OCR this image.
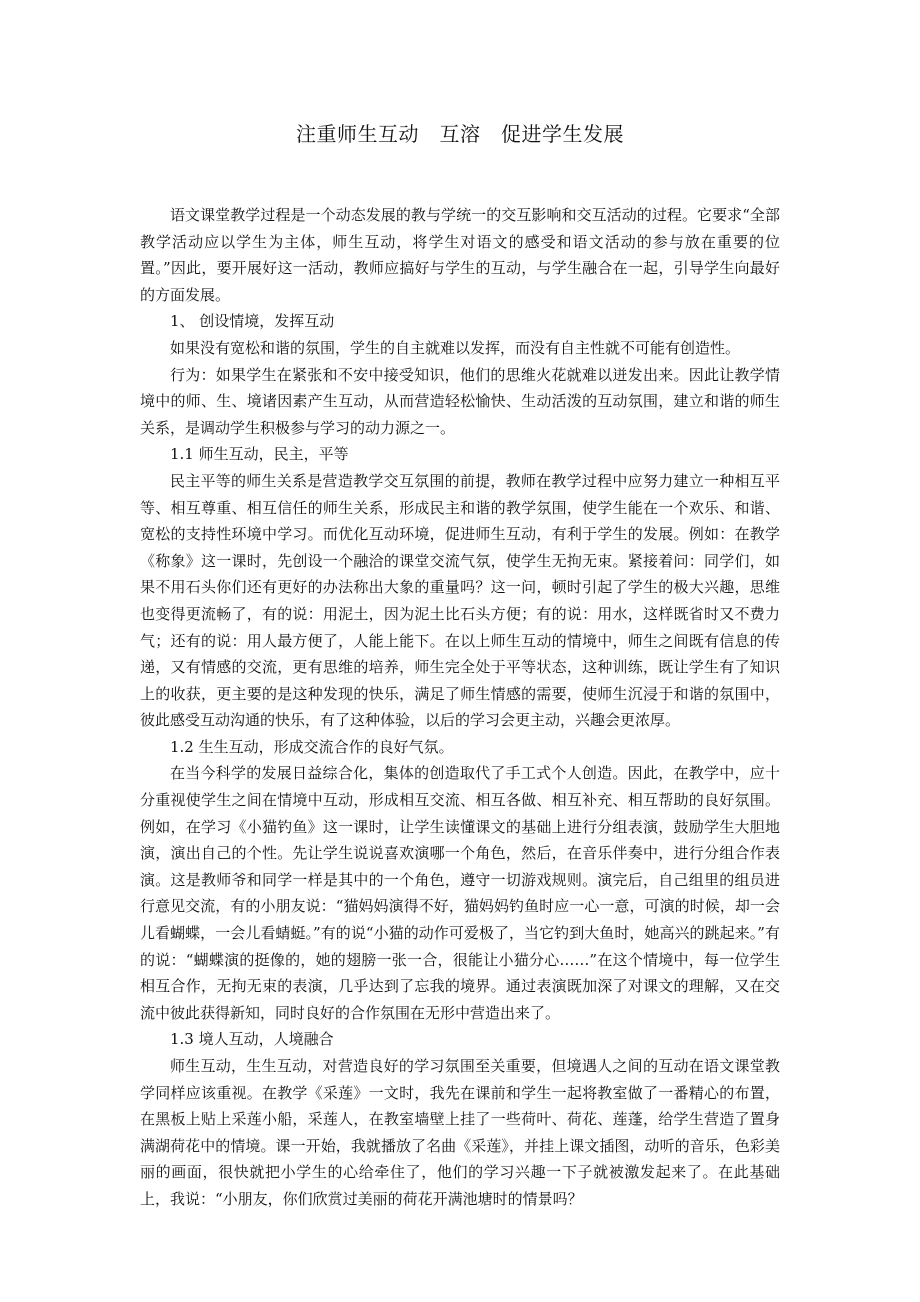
注重师生互动　互溶　促进学生发展

语文课堂教学过程是一个动态发展的教与学统一的交互影响和交互活动的过程。它要求“全部教学活动应以学生为主体，师生互动，将学生对语文的感受和语文活动的参与放在重要的位置。”因此，要开展好这一活动，教师应搞好与学生的互动，与学生融合在一起，引导学生向最好的方面发展。

1、 创设情境，发挥互动

如果没有宽松和谐的氛围，学生的自主就难以发挥，而没有自主性就不可能有创造性。

行为：如果学生在紧张和不安中接受知识，他们的思维火花就难以迸发出来。因此让教学情境中的师、生、境诸因素产生互动，从而营造轻松愉快、生动活泼的互动氛围，建立和谐的师生关系，是调动学生积极参与学习的动力源之一。

1.1 师生互动，民主，平等

民主平等的师生关系是营造教学交互氛围的前提，教师在教学过程中应努力建立一种相互平等、相互尊重、相互信任的师生关系，形成民主和谐的教学氛围，使学生能在一个欢乐、和谐、宽松的支持性环境中学习。而优化互动环境，促进师生互动，有利于学生的发展。例如：在教学《称象》这一课时，先创设一个融洽的课堂交流气氛，使学生无拘无束。紧接着问：同学们，如果不用石头你们还有更好的办法称出大象的重量吗？这一问，顿时引起了学生的极大兴趣，思维也变得更流畅了，有的说：用泥土，因为泥土比石头方便；有的说：用水，这样既省时又不费力气；还有的说：用人最方便了，人能上能下。在以上师生互动的情境中，师生之间既有信息的传递，又有情感的交流，更有思维的培养，师生完全处于平等状态，这种训练，既让学生有了知识上的收获，更主要的是这种发现的快乐，满足了师生情感的需要，使师生沉浸于和谐的氛围中，彼此感受互动沟通的快乐，有了这种体验，以后的学习会更主动，兴趣会更浓厚。

1.2 生生互动，形成交流合作的良好气氛。

在当今科学的发展日益综合化，集体的创造取代了手工式个人创造。因此，在教学中，应十分重视使学生之间在情境中互动，形成相互交流、相互各做、相互补充、相互帮助的良好氛围。例如，在学习《小猫钓鱼》这一课时，让学生读懂课文的基础上进行分组表演，鼓励学生大胆地演，演出自己的个性。先让学生说说喜欢演哪一个角色，然后，在音乐伴奏中，进行分组合作表演。这是教师爷和同学一样是其中的一个角色，遵守一切游戏规则。演完后，自己组里的组员进行意见交流，有的小朋友说：“猫妈妈演得不好，猫妈妈钓鱼时应一心一意，可演的时候，却一会儿看蝴蝶，一会儿看蜻蜓。”有的说“小猫的动作可爱极了，当它钓到大鱼时，她高兴的跳起来。”有的说：“蝴蝶演的挺像的，她的翅膀一张一合，很能让小猫分心……”在这个情境中，每一位学生相互合作，无拘无束的表演，几乎达到了忘我的境界。通过表演既加深了对课文的理解，又在交流中彼此获得新知，同时良好的合作氛围在无形中营造出来了。

1.3 境人互动，人境融合

师生互动，生生互动，对营造良好的学习氛围至关重要，但境遇人之间的互动在语文课堂教学同样应该重视。在教学《采莲》一文时，我先在课前和学生一起将教室做了一番精心的布置，在黑板上贴上采莲小船，采莲人，在教室墙壁上挂了一些荷叶、荷花、莲蓬，给学生营造了置身满湖荷花中的情境。课一开始，我就播放了名曲《采莲》，并挂上课文插图，动听的音乐，色彩美丽的画面，很快就把小学生的心给牵住了，他们的学习兴趣一下子就被激发起来了。在此基础上，我说：“小朋友，你们欣赏过美丽的荷花开满池塘时的情景吗？
